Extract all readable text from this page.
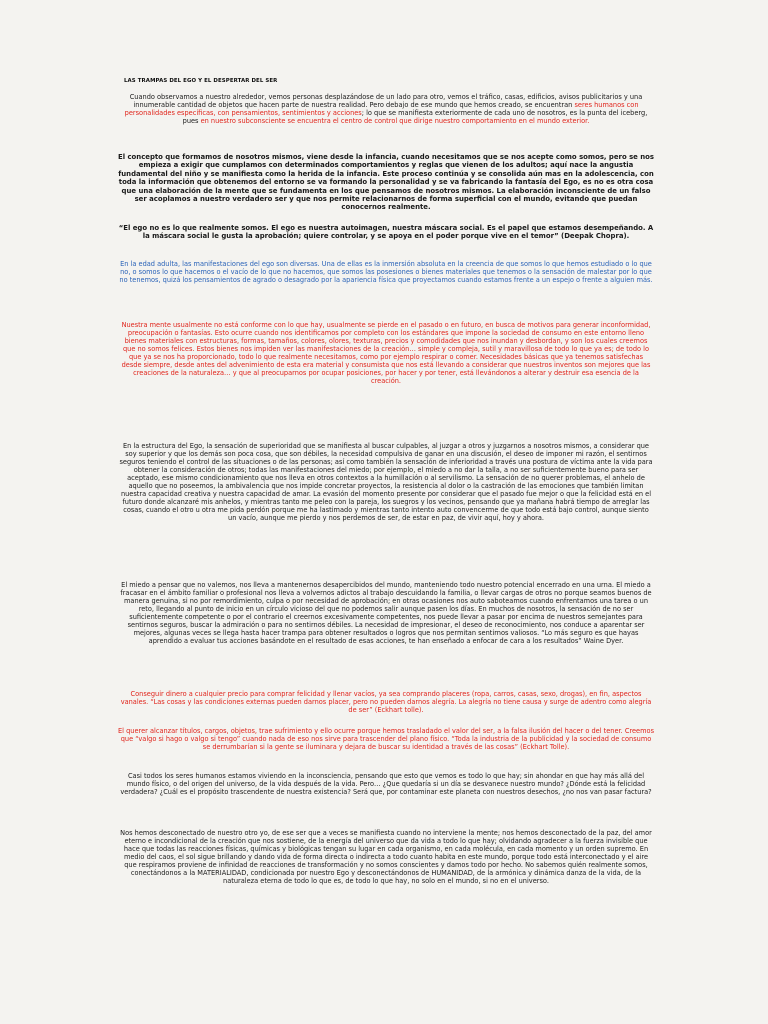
LAS TRAMPAS DEL EGO Y EL DESPERTAR DEL SER
Cuando observamos a nuestro alrededor, vemos personas desplazándose de un lado para otro, vemos el tráfico, casas, edificios, avisos publicitarios y una innumerable cantidad de objetos que hacen parte de nuestra realidad. Pero debajo de ese mundo que hemos creado, se encuentran seres humanos con personalidades específicas, con pensamientos, sentimientos y acciones; lo que se manifiesta exteriormente de cada uno de nosotros, es la punta del iceberg, pues en nuestro subconsciente se encuentra el centro de control que dirige nuestro comportamiento en el mundo exterior.
El concepto que formamos de nosotros mismos, viene desde la infancia, cuando necesitamos que se nos acepte como somos, pero se nos empieza a exigir que cumplamos con determinados comportamientos y reglas que vienen de los adultos; aquí nace la angustia fundamental del niño y se manifiesta como la herida de la infancia. Este proceso continúa y se consolida aún mas en la adolescencia, con toda la información que obtenemos del entorno se va formando la personalidad y se va fabricando la fantasía del Ego, es no es otra cosa que una elaboración de la mente que se fundamenta en los que pensamos de nosotros mismos. La elaboración inconsciente de un falso ser acoplamos a nuestro verdadero ser y que nos permite relacionarnos de forma superficial con el mundo, evitando que puedan conocernos realmente.
“El ego no es lo que realmente somos. El ego es nuestra autoimagen, nuestra máscara social. Es el papel que estamos desempeñando. A la máscara social le gusta la aprobación; quiere controlar, y se apoya en el poder porque vive en el temor” (Deepak Chopra).
En la edad adulta, las manifestaciones del ego son diversas. Una de ellas es la inmersión absoluta en la creencia de que somos lo que hemos estudiado o lo que no, o somos lo que hacemos o el vacío de lo que no hacemos, que somos las posesiones o bienes materiales que tenemos o la sensación de malestar por lo que no tenemos, quizá los pensamientos de agrado o desagrado por la apariencia física que proyectamos cuando estamos frente a un espejo o frente a alguien más.
Nuestra mente usualmente no está conforme con lo que hay, usualmente se pierde en el pasado o en futuro, en busca de motivos para generar inconformidad, preocupación o fantasías. Esto ocurre cuando nos identificamos por completo con los estándares que impone la sociedad de consumo en este entorno lleno bienes materiales con estructuras, formas, tamaños, colores, olores, texturas, precios y comodidades que nos inundan y desbordan, y son los cuales creemos que no somos felices. Estos bienes nos impiden ver las manifestaciones de la creación… simple y compleja, sutil y maravillosa de todo lo que ya es; de todo lo que ya se nos ha proporcionado, todo lo que realmente necesitamos, como por ejemplo respirar o comer. Necesidades básicas que ya tenemos satisfechas desde siempre, desde antes del advenimiento de esta era material y consumista que nos está llevando a considerar que nuestros inventos son mejores que las creaciones de la naturaleza… y que al preocuparnos por ocupar posiciones, por hacer y por tener, está llevándonos a alterar y destruir esa esencia de la creación.
En la estructura del Ego, la sensación de superioridad que se manifiesta al buscar culpables, al juzgar a otros y juzgarnos a nosotros mismos, a considerar que soy superior y que los demás son poca cosa, que son débiles, la necesidad compulsiva de ganar en una discusión, el deseo de imponer mi razón, el sentirnos seguros teniendo el control de las situaciones o de las personas; así como también la sensación de inferioridad a través una postura de víctima ante la vida para obtener la consideración de otros; todas las manifestaciones del miedo; por ejemplo, el miedo a no dar la talla, a no ser suficientemente bueno para ser aceptado, ese mismo condicionamiento que nos lleva en otros contextos a la humillación o al servilismo. La sensación de no querer problemas, el anhelo de aquello que no poseemos, la ambivalencia que nos impide concretar proyectos, la resistencia al dolor o la castración de las emociones que también limitan nuestra capacidad creativa y nuestra capacidad de amar. La evasión del momento presente por considerar que el pasado fue mejor o que la felicidad está en el futuro donde alcanzaré mis anhelos, y mientras tanto me peleo con la pareja, los suegros y los vecinos, pensando que ya mañana habrá tiempo de arreglar las cosas, cuando el otro u otra me pida perdón porque me ha lastimado y mientras tanto intento auto convencerme de que todo está bajo control, aunque siento un vacío, aunque me pierdo y nos perdemos de ser, de estar en paz, de vivir aquí, hoy y ahora.
El miedo a pensar que no valemos, nos lleva a mantenernos desapercibidos del mundo, manteniendo todo nuestro potencial encerrado en una urna. El miedo a fracasar en el ámbito familiar o profesional nos lleva a volvernos adictos al trabajo descuidando la familia, o llevar cargas de otros no porque seamos buenos de manera genuina, si no por remordimiento, culpa o por necesidad de aprobación; en otras ocasiones nos auto saboteamos cuando enfrentamos una tarea o un reto, llegando al punto de inicio en un círculo vicioso del que no podemos salir aunque pasen los días. En muchos de nosotros, la sensación de no ser suficientemente competente o por el contrario el creernos excesivamente competentes, nos puede llevar a pasar por encima de nuestros semejantes para sentirnos seguros, buscar la admiración o para no sentirnos débiles. La necesidad de impresionar, el deseo de reconocimiento, nos conduce a aparentar ser mejores, algunas veces se llega hasta hacer trampa para obtener resultados o logros que nos permitan sentirnos valiosos. “Lo más seguro es que hayas aprendido a evaluar tus acciones basándote en el resultado de esas acciones, te han enseñado a enfocar de cara a los resultados” Waine Dyer.
Conseguir dinero a cualquier precio para comprar felicidad y llenar vacíos, ya sea comprando placeres (ropa, carros, casas, sexo, drogas), en fin, aspectos vanales. “Las cosas y las condiciones externas pueden darnos placer, pero no pueden darnos alegría. La alegría no tiene causa y surge de adentro como alegría de ser” (Eckhart tolle).
El querer alcanzar títulos, cargos, objetos, trae sufrimiento y ello ocurre porque hemos trasladado el valor del ser, a la falsa ilusión del hacer o del tener. Creemos que “valgo si hago o valgo si tengo” cuando nada de eso nos sirve para trascender del plano físico. “Toda la industria de la publicidad y la sociedad de consumo se derrumbarían si la gente se iluminara y dejara de buscar su identidad a través de las cosas” (Eckhart Tolle).
Casi todos los seres humanos estamos viviendo en la inconsciencia, pensando que esto que vemos es todo lo que hay; sin ahondar en que hay más allá del mundo físico, o del origen del universo, de la vida después de la vida. Pero… ¿Que quedaría si un día se desvanece nuestro mundo? ¿Dónde está la felicidad verdadera? ¿Cuál es el propósito trascendente de nuestra existencia? Será que, por contaminar este planeta con nuestros desechos, ¿no nos van pasar factura?
Nos hemos desconectado de nuestro otro yo, de ese ser que a veces se manifiesta cuando no interviene la mente; nos hemos desconectado de la paz, del amor eterno e incondicional de la creación que nos sostiene, de la energía del universo que da vida a todo lo que hay; olvidando agradecer a la fuerza invisible que hace que todas las reacciones físicas, químicas y biológicas tengan su lugar en cada organismo, en cada molécula, en cada momento y un orden supremo. En medio del caos, el sol sigue brillando y dando vida de forma directa o indirecta a todo cuanto habita en este mundo, porque todo está interconectado y el aire que respiramos proviene de infinidad de reacciones de transformación y no somos conscientes y damos todo por hecho. No sabemos quién realmente somos, conectándonos a la MATERIALIDAD, condicionada por nuestro Ego y desconectándonos de HUMANIDAD, de la armónica y dinámica danza de la vida, de la naturaleza eterna de todo lo que es, de todo lo que hay, no solo en el mundo, si no en el universo.
